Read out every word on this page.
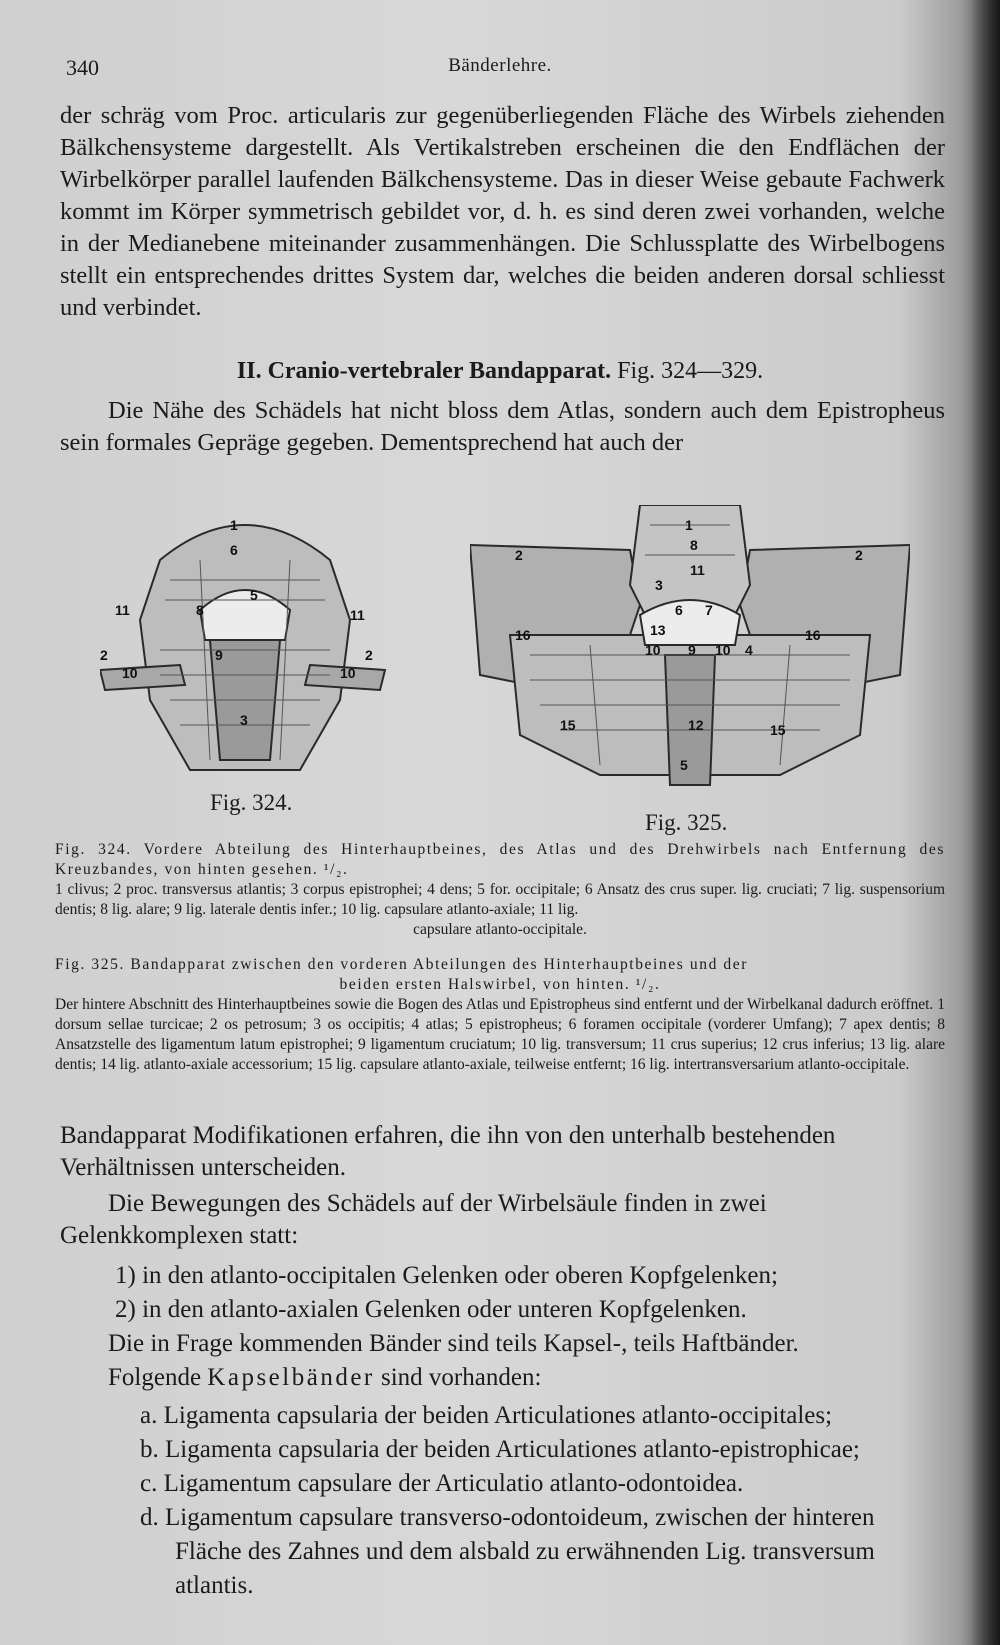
340	Bänderlehre.
der schräg vom Proc. articularis zur gegenüberliegenden Fläche des Wirbels ziehenden Bälkchensysteme dargestellt. Als Vertikalstreben erscheinen die den Endflächen der Wirbelkörper parallel laufenden Bälkchensysteme. Das in dieser Weise gebaute Fachwerk kommt im Körper symmetrisch gebildet vor, d. h. es sind deren zwei vorhanden, welche in der Medianebene miteinander zusammenhängen. Die Schlussplatte des Wirbelbogens stellt ein entsprechendes drittes System dar, welches die beiden anderen dorsal schliesst und verbindet.
II. Cranio-vertebraler Bandapparat. Fig. 324—329.
Die Nähe des Schädels hat nicht bloss dem Atlas, sondern auch dem Epistropheus sein formales Gepräge gegeben. Dementsprechend hat auch der
1
6
5
8
11	11
9
2
10	10
2
3
Fig. 324.
1
8
2	2
3
11
6 7
13
16
10 9 10 4
16
15	12	15
5
Fig. 325.
Fig. 324. Vordere Abteilung des Hinterhauptbeines, des Atlas und des Drehwirbels nach Entfernung des Kreuzbandes, von hinten gesehen. ¹/₂.
1 clivus; 2 proc. transversus atlantis; 3 corpus epistrophei; 4 dens; 5 for. occipitale; 6 Ansatz des crus super. lig. cruciati; 7 lig. suspensorium dentis; 8 lig. alare; 9 lig. laterale dentis infer.; 10 lig. capsulare atlanto-axiale; 11 lig.
capsulare atlanto-occipitale.
Fig. 325. Bandapparat zwischen den vorderen Abteilungen des Hinterhauptbeines und der
beiden ersten Halswirbel, von hinten. ¹/₂.
Der hintere Abschnitt des Hinterhauptbeines sowie die Bogen des Atlas und Epistropheus sind entfernt und der Wirbelkanal dadurch eröffnet. 1 dorsum sellae turcicae; 2 os petrosum; 3 os occipitis; 4 atlas; 5 epistropheus; 6 foramen occipitale (vorderer Umfang); 7 apex dentis; 8 Ansatzstelle des ligamentum latum epistrophei; 9 ligamentum cruciatum; 10 lig. transversum; 11 crus superius; 12 crus inferius; 13 lig. alare dentis; 14 lig. atlanto-axiale accessorium; 15 lig. capsulare atlanto-axiale, teilweise entfernt; 16 lig. intertransversarium atlanto-occipitale.
Bandapparat Modifikationen erfahren, die ihn von den unterhalb bestehenden Verhältnissen unterscheiden.
Die Bewegungen des Schädels auf der Wirbelsäule finden in zwei Gelenkkomplexen statt:
1) in den atlanto-occipitalen Gelenken oder oberen Kopfgelenken;
2) in den atlanto-axialen Gelenken oder unteren Kopfgelenken.
Die in Frage kommenden Bänder sind teils Kapsel-, teils Haftbänder.
Folgende Kapselbänder sind vorhanden:
a. Ligamenta capsularia der beiden Articulationes atlanto-occipitales;
b. Ligamenta capsularia der beiden Articulationes atlanto-epistrophicae;
c. Ligamentum capsulare der Articulatio atlanto-odontoidea.
d. Ligamentum capsulare transverso-odontoideum, zwischen der hinteren
Fläche des Zahnes und dem alsbald zu erwähnenden Lig. transversum
atlantis.
